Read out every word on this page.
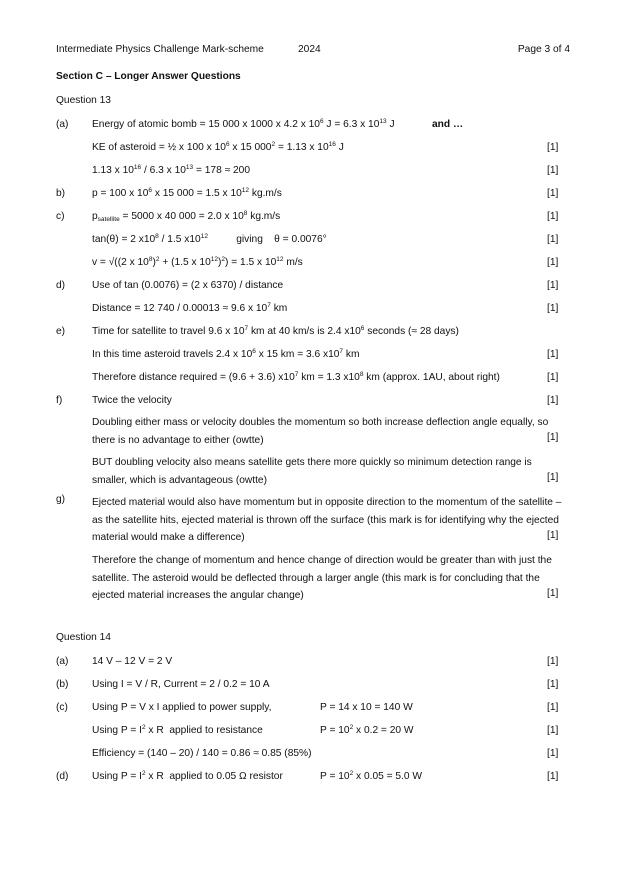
Intermediate Physics Challenge Mark-scheme	2024	Page 3 of 4
Section C – Longer Answer Questions
Question 13
(a) Energy of atomic bomb = 15 000 x 1000 x 4.2 x $10^6$ J = 6.3 x $10^{13}$ J	and …
KE of asteroid = ½ x 100 x $10^6$ x 15 $000^2 = 1.13$ x $10^{16}$ J	[1]
1.13 x $10^{16} / 6.3$ x $10^{13} = 178 \approx 200$	[1]
b)	p = 100 x $10^6$ x 15 000 = 1.5 x $10^{12}$ kg.m/s	[1]
c)	$p_{satellite} = 5000$ x 40 000 = 2.0 x $10^8$ kg.m/s	[1]
tan(θ) = 2 $x10^8 / 1.5$ $x10^{12}$          giving    θ = 0.0076°	[1]
v = √((2 x $10^8)^2 + (1.5$ x $10^{12})^2) = 1.5$ x $10^{12}$ m/s	[1]
d)	Use of tan (0.0076) = (2 x 6370) / distance	[1]
Distance = 12 740 / 0.00013 ≈ 9.6 x $10^7$ km	[1]
e)	Time for satellite to travel 9.6 x $10^7$ km at 40 km/s is 2.4 $x10^6$ seconds (≈ 28 days)
In this time asteroid travels 2.4 x $10^6$ x 15 km = 3.6 $x10^7$ km	[1]
Therefore distance required = (9.6 + 3.6) $x10^7$ km = 1.3 $x10^8$ km (approx. 1AU, about right)	[1]
f)	Twice the velocity	[1]
Doubling either mass or velocity doubles the momentum so both increase deflection angle equally, so there is no advantage to either (owtte)	[1]
BUT doubling velocity also means satellite gets there more quickly so minimum detection range is smaller, which is advantageous (owtte)	[1]
g)	Ejected material would also have momentum but in opposite direction to the momentum of the satellite – as the satellite hits, ejected material is thrown off the surface (this mark is for identifying why the ejected material would make a difference)	[1]
Therefore the change of momentum and hence change of direction would be greater than with just the satellite. The asteroid would be deflected through a larger angle (this mark is for concluding that the ejected material increases the angular change)	[1]
Question 14
(a) 14 V – 12 V = 2 V	[1]
(b) Using I = V / R, Current = 2 / 0.2 = 10 A	[1]
(c) Using P = V x I applied to power supply,	P = 14 x 10 = 140 W	[1]
Using $P = I^2$ x R  applied to resistance	$P = 10^2$ x 0.2 = 20 W	[1]
Efficiency = (140 – 20) / 140 = 0.86 ≈ 0.85 (85%)	[1]
(d) Using $P = I^2$ x R  applied to 0.05 Ω resistor	$P = 10^2$ x 0.05 = 5.0 W	[1]
